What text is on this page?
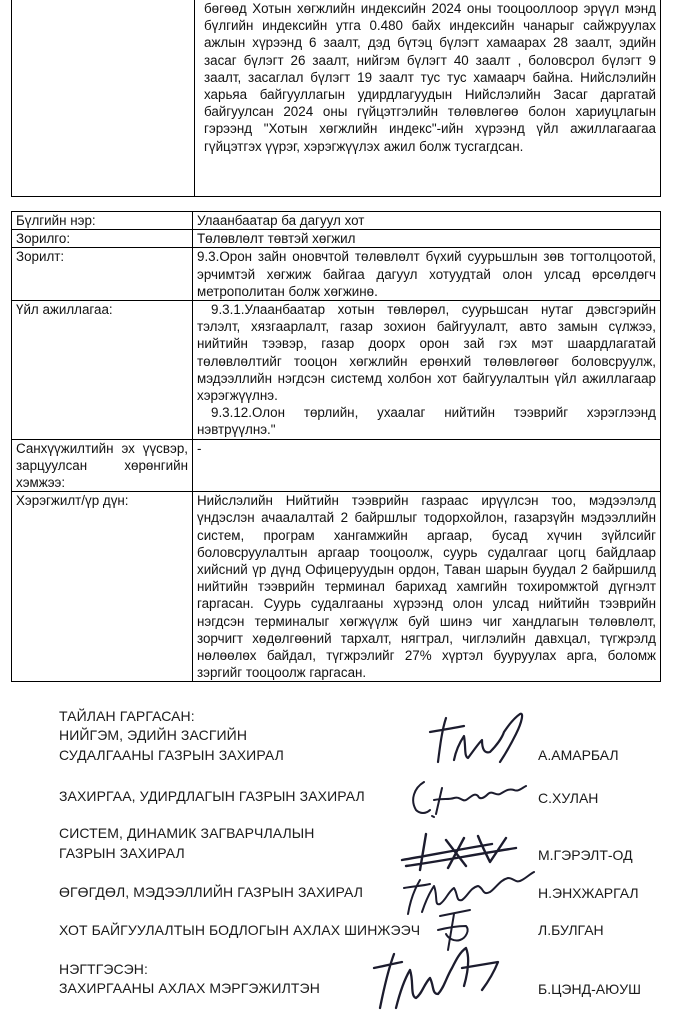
бөгөөд Хотын хөгжлийн индексийн 2024 оны тооцооллоор эрүүл мэнд бүлгийн индексийн утга 0.480 байх индексийн чанарыг сайжруулах ажлын хүрээнд 6 заалт, дэд бүтэц бүлэгт хамаарах 28 заалт, эдийн засаг бүлэгт 26 заалт, нийгэм бүлэгт 40 заалт , боловсрол бүлэгт 9 заалт, засаглал бүлэгт 19 заалт тус тус хамаарч байна. Нийслэлийн харьяа байгууллагын удирдлагуудын Нийслэлийн Засаг даргатай байгуулсан 2024 оны гүйцэтгэлийн төлөвлөгөө болон хариуцлагын гэрээнд "Хотын хөгжлийн индекс"-ийн хүрээнд үйл ажиллагаагаа гүйцэтгэх үүрэг, хэрэгжүүлэх ажил болж тусгагдсан.
Бүлгийн нэр:	Улаанбаатар ба дагуул хот
Зорилго:	Төлөвлөлт төвтэй хөгжил
Зорилт:	9.3.Орон зайн оновчтой төлөвлөлт бүхий суурьшлын зөв тогтолцоотой, эрчимтэй хөгжиж байгаа дагуул хотуудтай олон улсад өрсөлдөгч метрополитан болж хөгжинө.
Үйл ажиллагаа:	9.3.1.Улаанбаатар хотын төвлөрөл, суурьшсан нутаг дэвсгэрийн тэлэлт, хязгаарлалт, газар зохион байгуулалт, авто замын сүлжээ, нийтийн тээвэр, газар доорх орон зай гэх мэт шаардлагатай төлөвлөлтийг тооцон хөгжлийн ерөнхий төлөвлөгөөг боловсруулж, мэдээллийн нэгдсэн системд холбон хот байгуулалтын үйл ажиллагаар хэрэгжүүлнэ.
9.3.12.Олон төрлийн, ухаалаг нийтийн тээврийг хэрэглээнд нэвтрүүлнэ."

Санхүүжилтийн эх үүсвэр, зарцуулсан хөрөнгийн хэмжээ:	-
Хэрэгжилт/үр дүн:	Нийслэлийн Нийтийн тээврийн газраас ирүүлсэн тоо, мэдээлэлд үндэслэн ачаалалтай 2 байршлыг тодорхойлон, газарзүйн мэдээллийн систем, програм хангамжийн аргаар, бусад хүчин зүйлсийг боловсруулалтын аргаар тооцоолж, суурь судалгааг цогц байдлаар хийсний үр дүнд Офицеруудын ордон, Таван шарын буудал 2 байршилд нийтийн тээврийн терминал барихад хамгийн тохиромжтой дүгнэлт гаргасан. Суурь судалгааны хүрээнд олон улсад нийтийн тээврийн нэгдсэн терминалыг хөгжүүлж буй шинэ чиг хандлагын төлөвлөлт, зорчигт хөдөлгөөний тархалт, нягтрал, чиглэлийн давхцал, түгжрэлд нөлөөлөх байдал, түгжрэлийг 27% хүртэл бууруулах арга, боломж зэргийг тооцоолж гаргасан.
ТАЙЛАН ГАРГАСАН:
НИЙГЭМ, ЭДИЙН ЗАСГИЙН
СУДАЛГААНЫ ГАЗРЫН ЗАХИРАЛ	А.АМАРБАЛ
ЗАХИРГАА, УДИРДЛАГЫН ГАЗРЫН ЗАХИРАЛ	С.ХУЛАН
СИСТЕМ, ДИНАМИК ЗАГВАРЧЛАЛЫН
ГАЗРЫН ЗАХИРАЛ	М.ГЭРЭЛТ-ОД
ӨГӨГДӨЛ, МЭДЭЭЛЛИЙН ГАЗРЫН ЗАХИРАЛ	Н.ЭНХЖАРГАЛ
ХОТ БАЙГУУЛАЛТЫН БОДЛОГЫН АХЛАХ ШИНЖЭЭЧ	Л.БУЛГАН
НЭГТГЭСЭН:
ЗАХИРГААНЫ АХЛАХ МЭРГЭЖИЛТЭН	Б.ЦЭНД-АЮУШ
